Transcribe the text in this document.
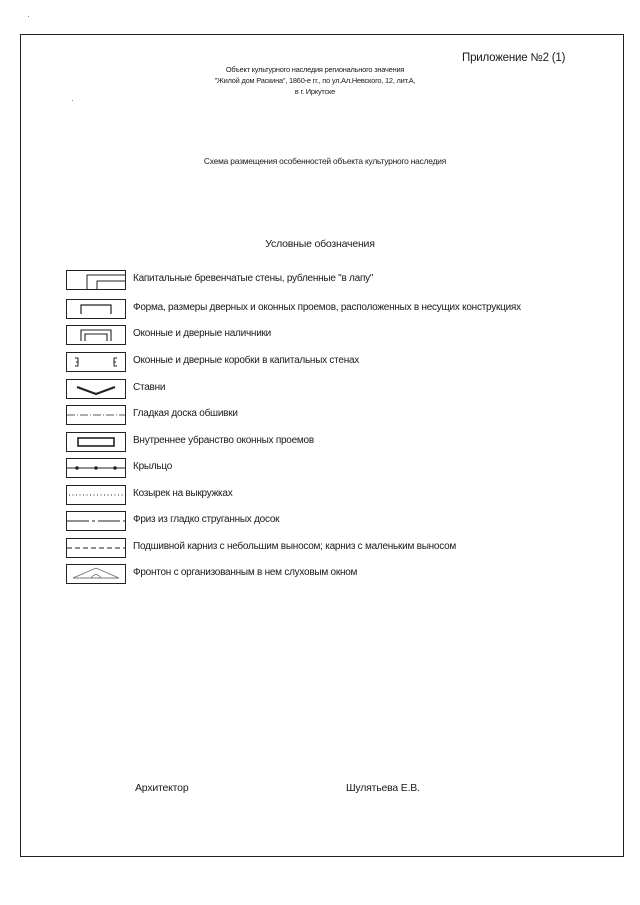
Приложение №2 (1)
Объект культурного наследия регионального значения
"Жилой дом Раскина", 1860-е гг., по ул.Ал.Невского, 12, лит.А,
в г. Иркутске
Схема размещения особенностей объекта культурного наследия
Условные обозначения
Капитальные бревенчатые стены, рубленные "в лапу"
Форма, размеры дверных и оконных проемов, расположенных в несущих конструкциях
Оконные и дверные наличники
Оконные и дверные коробки в капитальных стенах
Ставни
Гладкая доска обшивки
Внутреннее убранство оконных проемов
Крыльцо
Козырек на выкружках
Фриз из гладко струганных досок
Подшивной карниз с небольшим выносом; карниз с маленьким выносом
Фронтон с организованным в нем слуховым окном
Архитектор	Шулятьева Е.В.
